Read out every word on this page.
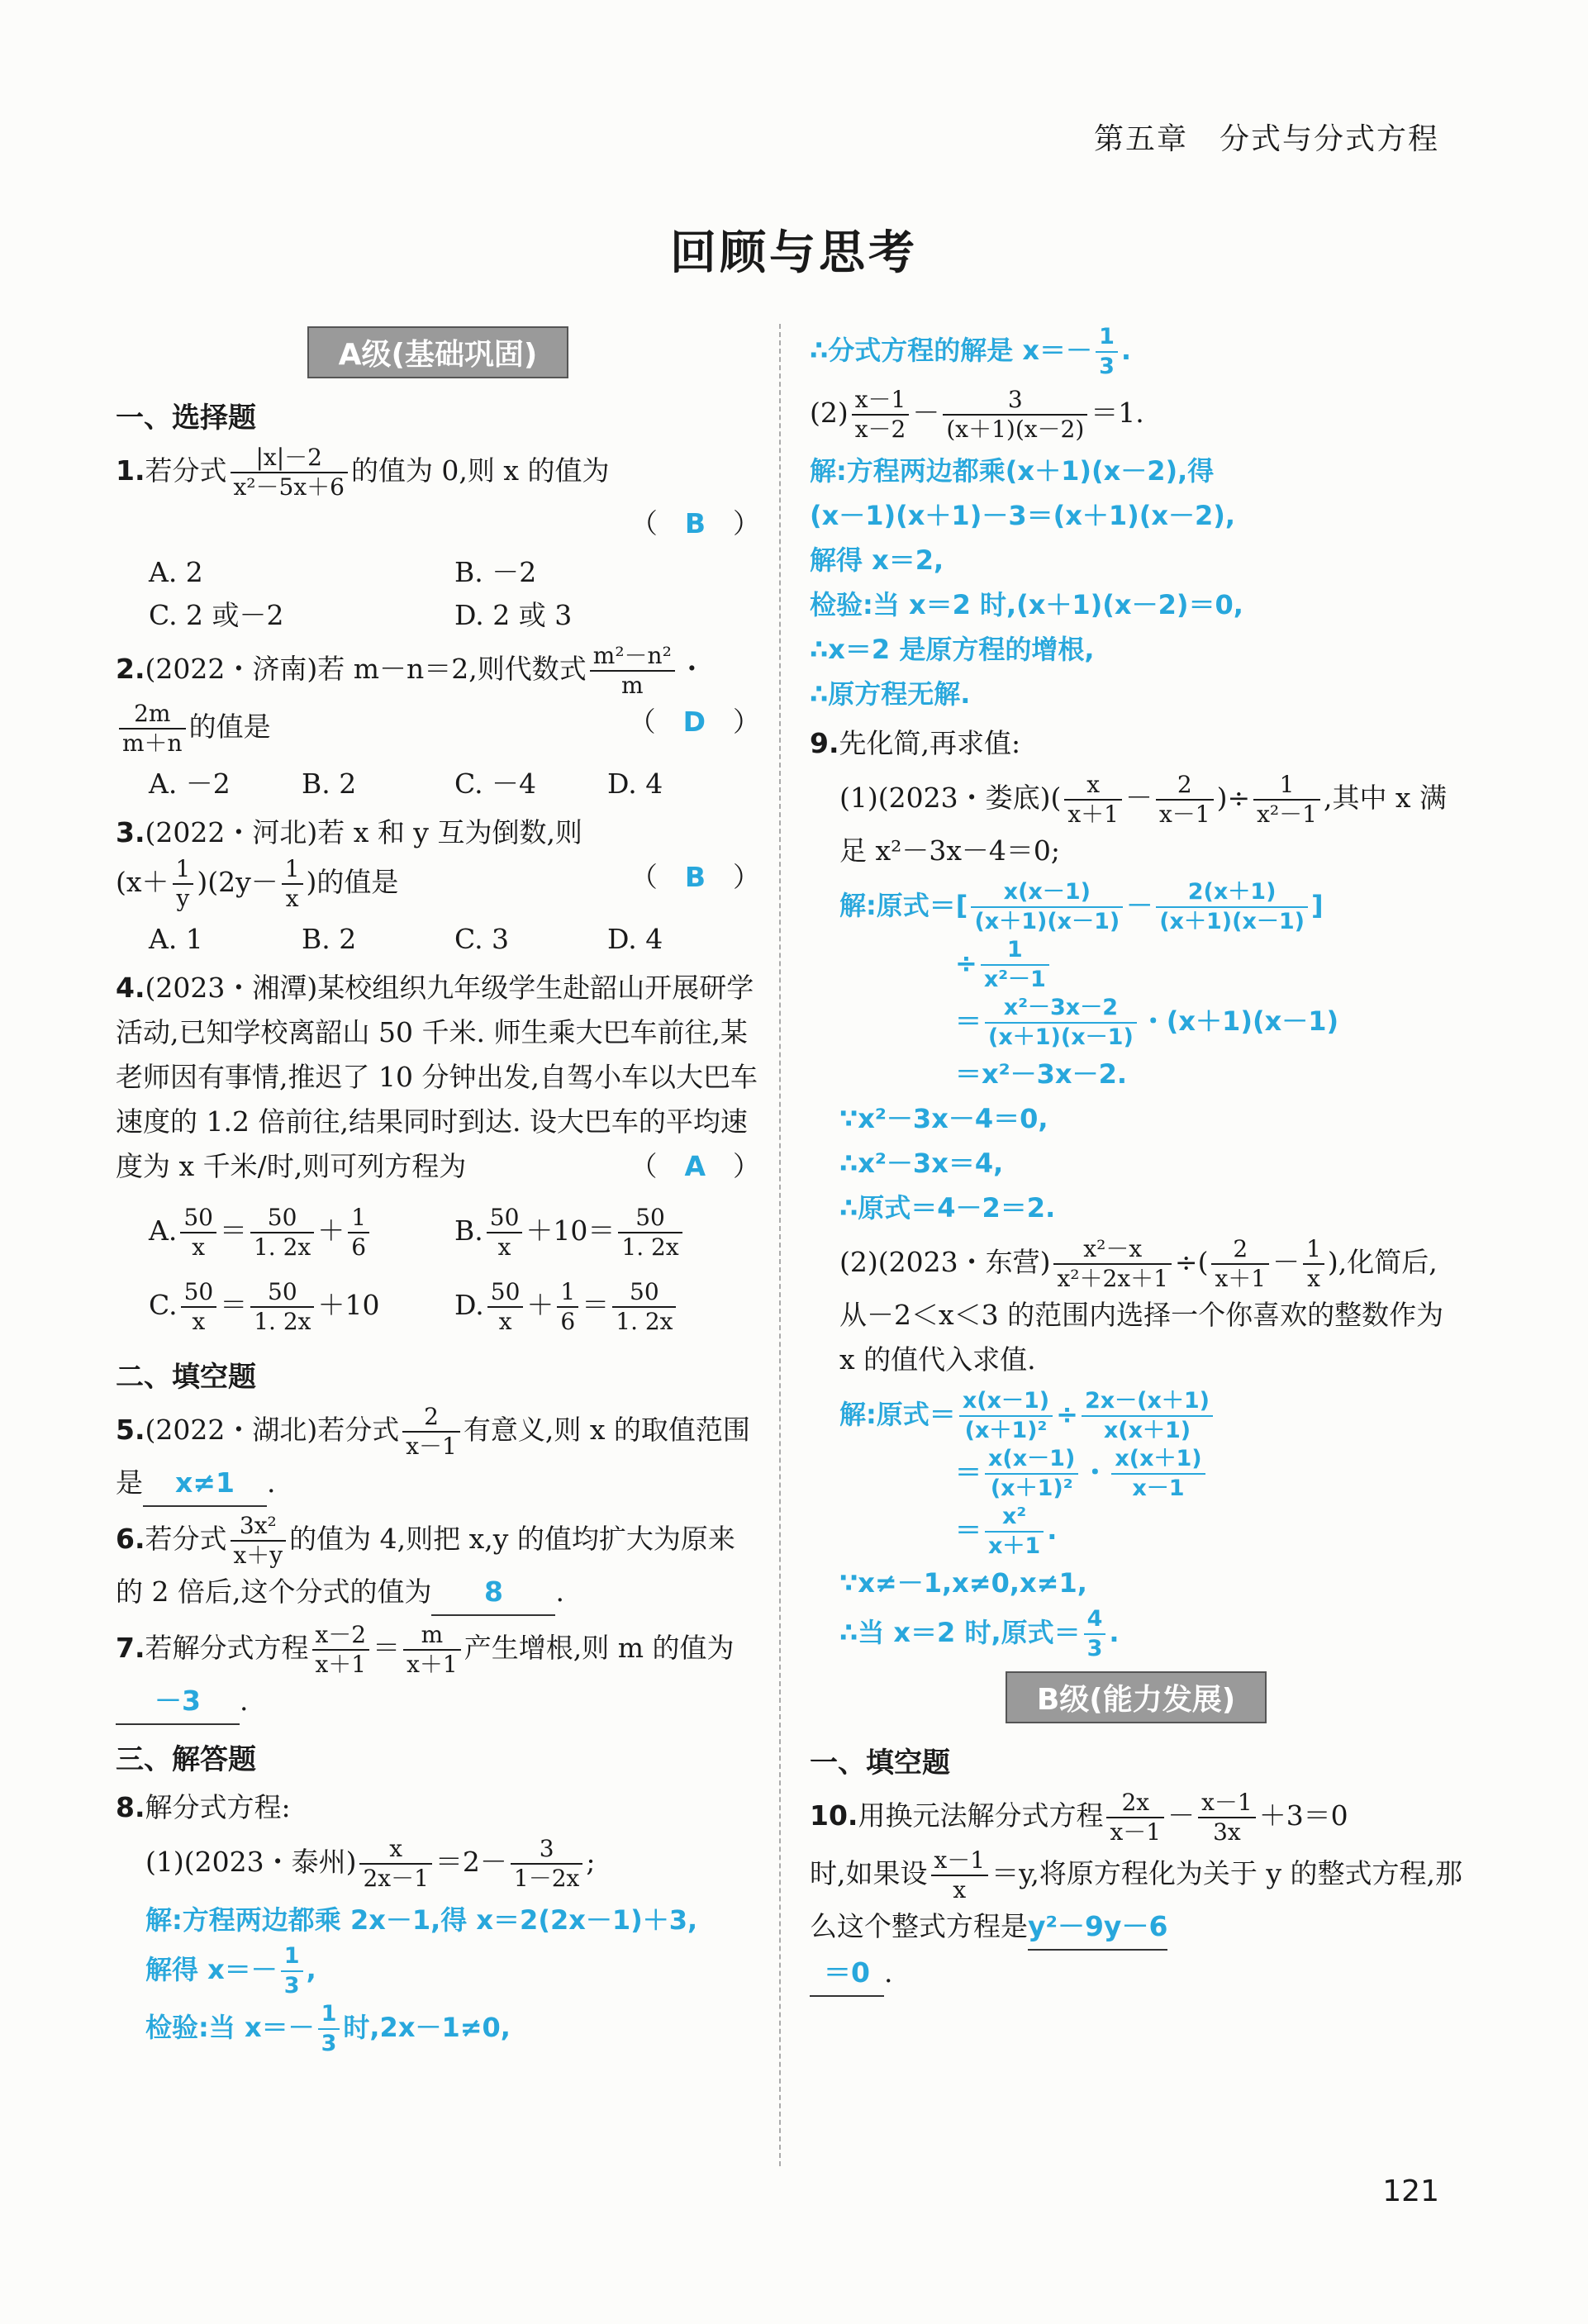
第五章　分式与分式方程
回顾与思考
A级(基础巩固)
一、选择题
1.若分式 $\frac{|x|-2}{\text{x²－5x＋6}}$ 的值为 0,则 x 的值为
（　B　）
A. 2	B. －2
C. 2 或－2	D. 2 或 3
2.(2022・济南)若 m－n＝2,则代数式 $\frac{\text{m²－n²}}{m}$ ・

$\frac{2m}{m+n}$ 的值是	（　D　）
A. －2	B. 2	C. －4	D. 4
3.(2022・河北)若 x 和 y 互为倒数,则
$(x+ \frac{1}{y} )(2y- \frac{1}{x}$ )的值是	（　B　）
A. 1	B. 2	C. 3	D. 4
4.(2023・湘潭)某校组织九年级学生赴韶山开展研学活动,已知学校离韶山 50 千米. 师生乘大巴车前往,某老师因有事情,推迟了 10 分钟出发,自驾小车以大巴车速度的 1.2 倍前往,结果同时到达. 设大巴车的平均速度为 x 千米/时,则可列方程为	（　A　）
A. $\frac{50}{x} = \frac{50}{1. 2x} + \frac{1}{6}$	B. $\frac{50}{x} +10= \frac{50}{1. 2x}$
C. $\frac{50}{x} = \frac{50}{1. 2x} +10$	D. $\frac{50}{x} + \frac{1}{6} = \frac{50}{1. 2x}$
二、填空题
5.(2022・湖北)若分式 $\frac{2}{x-1}$ 有意义,则 x 的取值范围是 x≠1 .
6.若分式 $\frac{\text{3x²}}{x+y}$ 的值为 4,则把 x,y 的值均扩大为原来的 2 倍后,这个分式的值为 8 .
7.若解分式方程 $\frac{x-2}{x+1} = \frac{m}{x+1}$ 产生增根,则 m 的值为－3 .
三、解答题
8.解分式方程:
(1)(2023・泰州) $\frac{x}{2x-1} =2- \frac{3}{1-2x}$ ;
解:方程两边都乘 2x－1,得 x＝2(2x－1)＋3,
解得 $x=- \frac{1}{3}$ ,
检验:当 $x=- \frac{1}{3}$ 时,2x－1≠0,
∴分式方程的解是 $x=- \frac{1}{3}$ .
$(2) \frac{x-1}{x-2} - \frac{3}{(x+1)(x-2)} =1$.
解:方程两边都乘(x＋1)(x－2),得
(x－1)(x＋1)－3＝(x＋1)(x－2),
解得 x＝2,
检验:当 x＝2 时,(x＋1)(x－2)＝0,
∴x＝2 是原方程的增根,
∴原方程无解.
9.先化简,再求值:
(1)(2023・娄底)( $\frac{x}{x+1} - \frac{2}{x-1}$ )÷ $\frac{1}{\text{x²－1}}$ ,其中 x 满足 x²－3x－4＝0;
解:原式＝[ $\frac{x(x-1)}{(x+1)(x-1)} - \frac{2(x+1)}{(x+1)(x-1)}$ ]
÷ $\frac{1}{\text{x²－1}}$
＝ $\frac{\text{x²－3x－2}}{(x+1)(x-1)}$ ・(x＋1)(x－1)
＝x²－3x－2.
∵x²－3x－4＝0,
∴x²－3x＝4,
∴原式＝4－2＝2.
(2)(2023・东营) $\frac{\text{x²－x}}{\text{x²＋2x＋1}}$ ÷( $\frac{2}{x+1} - \frac{1}{x}$ ),化简后,从－2＜x＜3 的范围内选择一个你喜欢的整数作为 x 的值代入求值.
解:原式＝ $\frac{x(x-1)}{\text{(x＋1)²}} \div \frac{2x-(x+1)}{x(x+1)}$
＝ $\frac{x(x-1)}{\text{(x＋1)²}}$ ・ $\frac{x(x+1)}{x-1}$
＝ $\frac{\text{x²}}{x+1}$ .
∵x≠－1,x≠0,x≠1,
∴当 x＝2 时,原式＝ $\frac{4}{3}$ .
B级(能力发展)
一、填空题
10.用换元法解分式方程 $\frac{2x}{x-1} - \frac{x-1}{3x} +3=0$
时,如果设 $\frac{x-1}{x} =y$,将原方程化为关于 y 的整式方程,那么这个整式方程是y²－9y－6
＝0 .
121
